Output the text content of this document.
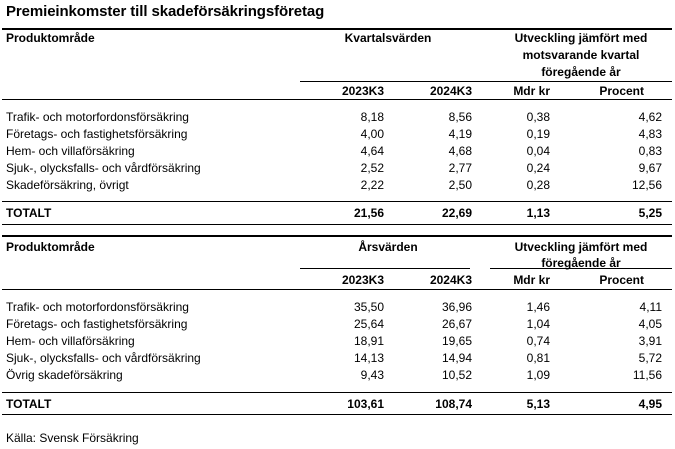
Premieinkomster till skadeförsäkringsföretag
Produktområde	Kvartalsvärden	Utveckling jämfört med
motsvarande kvartal
föregående år
2023K3	2024K3	Mdr kr	Procent
Trafik- och motorfordonsförsäkring	8,18	8,56	0,38	4,62
Företags- och fastighetsförsäkring	4,00	4,19	0,19	4,83
Hem- och villaförsäkring	4,64	4,68	0,04	0,83
Sjuk-, olycksfalls- och vårdförsäkring	2,52	2,77	0,24	9,67
Skadeförsäkring, övrigt	2,22	2,50	0,28	12,56
TOTALT	21,56	22,69	1,13	5,25
Produktområde	Årsvärden	Utveckling jämfört med
föregående år
2023K3	2024K3	Mdr kr	Procent
Trafik- och motorfordonsförsäkring	35,50	36,96	1,46	4,11
Företags- och fastighetsförsäkring	25,64	26,67	1,04	4,05
Hem- och villaförsäkring	18,91	19,65	0,74	3,91
Sjuk-, olycksfalls- och vårdförsäkring	14,13	14,94	0,81	5,72
Övrig skadeförsäkring	9,43	10,52	1,09	11,56
TOTALT	103,61	108,74	5,13	4,95
Källa: Svensk Försäkring
